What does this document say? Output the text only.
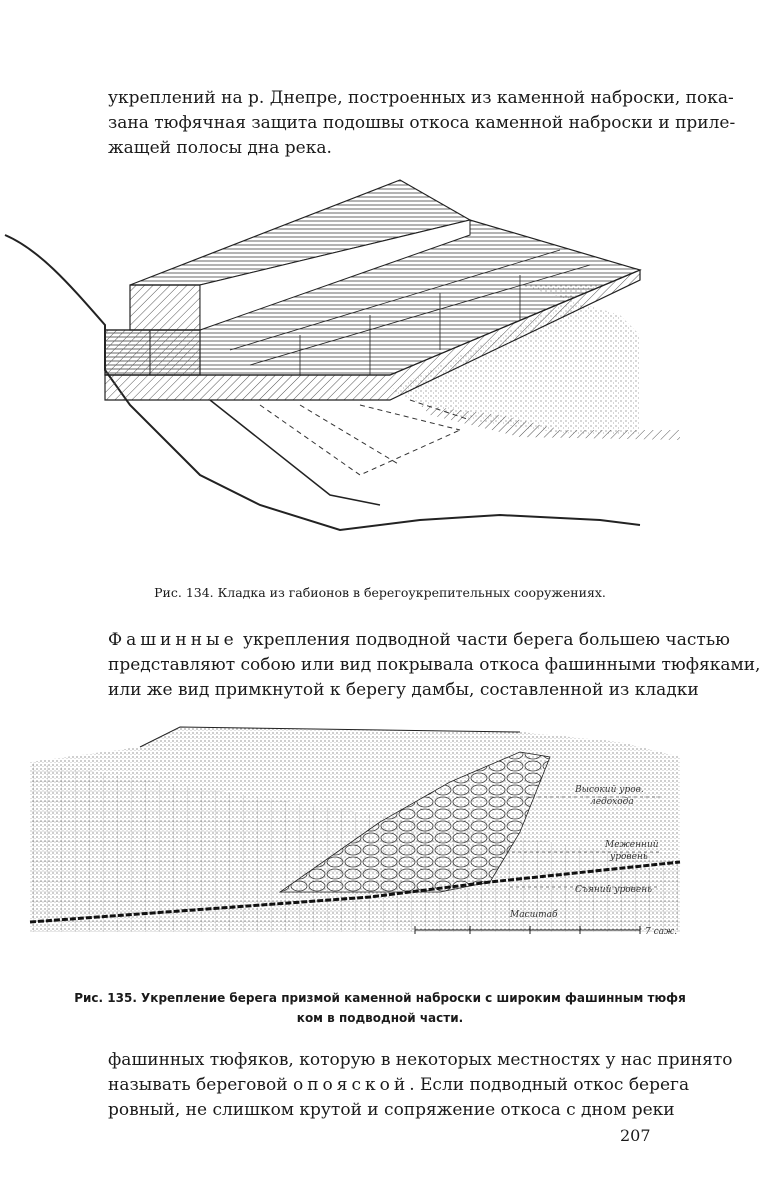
укреплений на р. Днепре, построенных из каменной наброски, пока-
зана тюфячная защита подошвы откоса каменной наброски и приле-
жащей полосы дна река.

Рис. 134. Кладка из габионов в берегоукрепительных сооружениях.

Фашинные укрепления подводной части берега большею частью
представляют собою или вид покрывала откоса фашинными тюфяками,
или же вид примкнутой к берегу дамбы, составленной из кладки
Высокий уров.
ледохода
Меженний
уровень
Съяний уровень
Масштаб
7 саж.

Рис. 135. Укрепление берега призмой каменной наброски с широким фашинным тюфя

ком в подводной части.

фашинных тюфяков, которую в некоторых местностях у нас принято
называть береговой опояской. Если подводный откос берега
ровный, не слишком крутой и сопряжение откоса с дном реки
207
